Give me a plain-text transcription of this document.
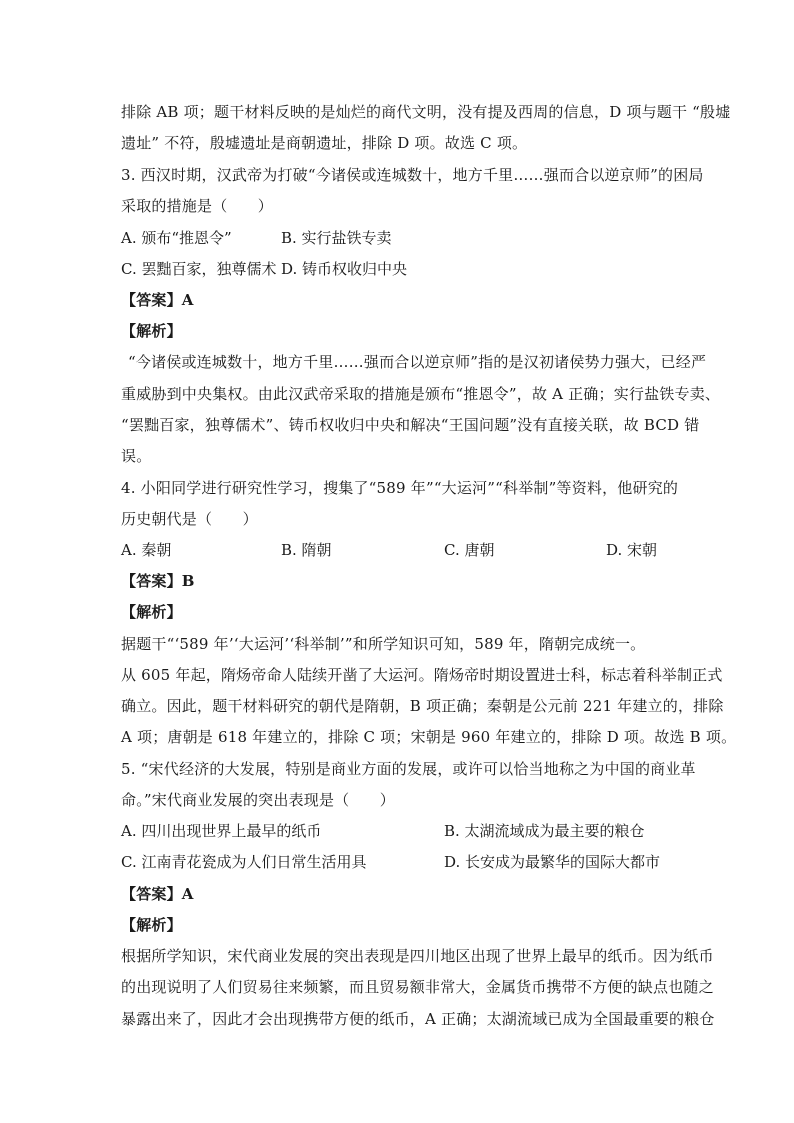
排除 AB 项；题干材料反映的是灿烂的商代文明，没有提及西周的信息，D 项与题干 “殷墟
遗址” 不符，殷墟遗址是商朝遗址，排除 D 项。故选 C 项。
3. 西汉时期，汉武帝为打破“今诸侯或连城数十，地方千里……强而合以逆京师”的困局
采取的措施是（　　）
A. 颁布“推恩令”	B. 实行盐铁专卖
C. 罢黜百家，独尊儒术 D. 铸币权收归中央
【答案】A
【解析】
“今诸侯或连城数十，地方千里……强而合以逆京师”指的是汉初诸侯势力强大，已经严
重威胁到中央集权。由此汉武帝采取的措施是颁布“推恩令”，故 A 正确；实行盐铁专卖、
“罢黜百家，独尊儒术”、铸币权收归中央和解决“王国问题”没有直接关联，故 BCD 错
误。
4. 小阳同学进行研究性学习，搜集了“589 年”“大运河”“科举制”等资料，他研究的
历史朝代是（　　）
A. 秦朝	B. 隋朝	C. 唐朝	D. 宋朝
【答案】B
【解析】
据题干“‘589 年’‘大运河’‘科举制’”和所学知识可知，589 年，隋朝完成统一。
从 605 年起，隋炀帝命人陆续开凿了大运河。隋炀帝时期设置进士科，标志着科举制正式
确立。因此，题干材料研究的朝代是隋朝，B 项正确；秦朝是公元前 221 年建立的，排除
A 项；唐朝是 618 年建立的，排除 C 项；宋朝是 960 年建立的，排除 D 项。故选 B 项。
5. “宋代经济的大发展，特别是商业方面的发展，或许可以恰当地称之为中国的商业革
命。”宋代商业发展的突出表现是（　　）
A. 四川出现世界上最早的纸币	B. 太湖流域成为最主要的粮仓
C. 江南青花瓷成为人们日常生活用具	D. 长安成为最繁华的国际大都市
【答案】A
【解析】
根据所学知识，宋代商业发展的突出表现是四川地区出现了世界上最早的纸币。因为纸币
的出现说明了人们贸易往来频繁，而且贸易额非常大，金属货币携带不方便的缺点也随之
暴露出来了，因此才会出现携带方便的纸币，A 正确；太湖流域已成为全国最重要的粮仓
